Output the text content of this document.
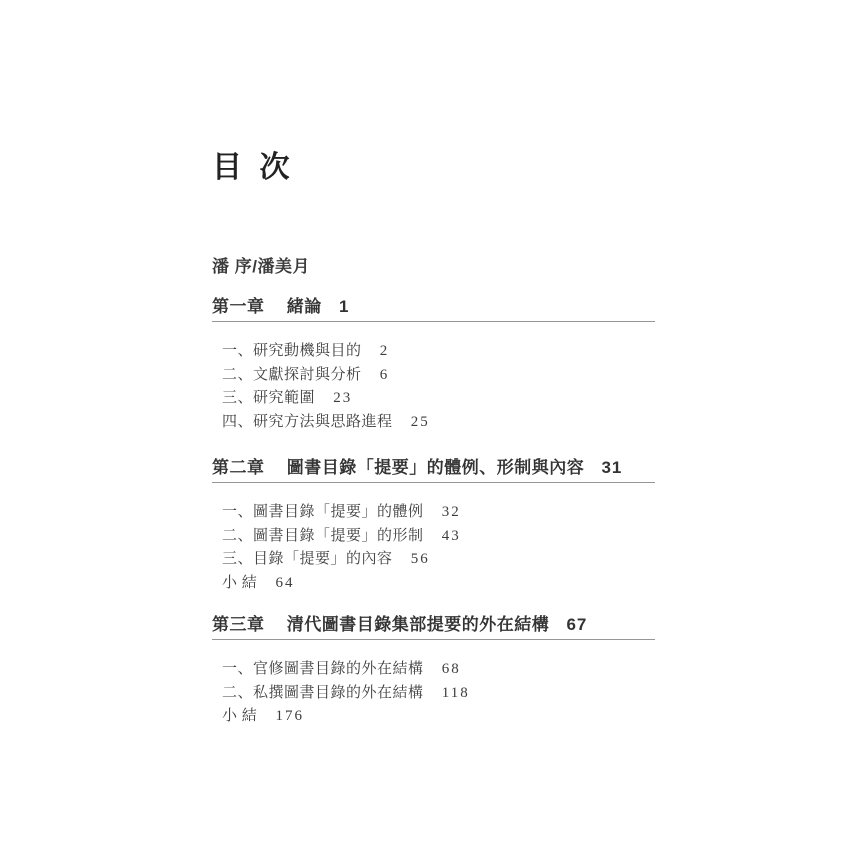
目 次
潘 序/潘美月
第一章 緒論 1
一、研究動機與目的 2
二、文獻探討與分析 6
三、研究範圍 23
四、研究方法與思路進程 25
第二章 圖書目錄「提要」的體例、形制與內容 31
一、圖書目錄「提要」的體例 32
二、圖書目錄「提要」的形制 43
三、目錄「提要」的內容 56
小 結 64
第三章 清代圖書目錄集部提要的外在結構 67
一、官修圖書目錄的外在結構 68
二、私撰圖書目錄的外在結構 118
小 結 176
